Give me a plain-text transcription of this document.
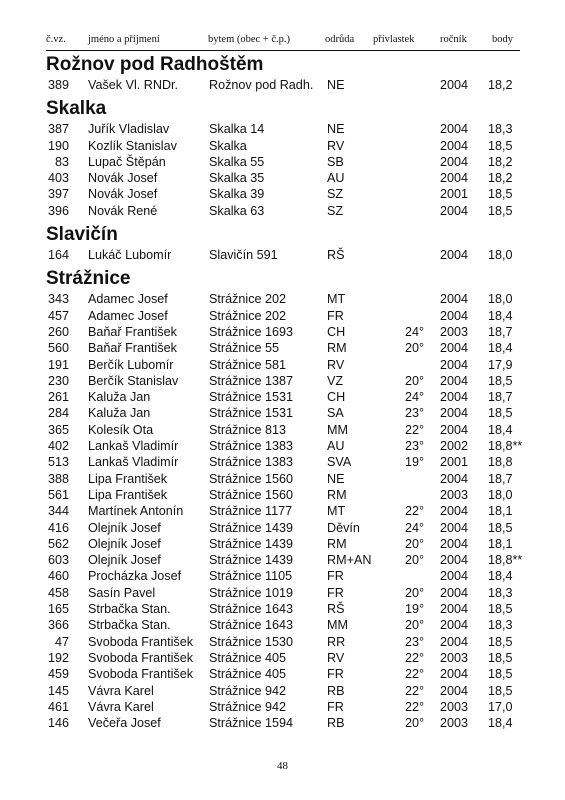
č.vz. jméno a příjmení	bytem (obec + č.p.)	odrůda přívlastek ročník body
Rožnov pod Radhoštěm
389 Vašek Vl. RNDr. Rožnov pod Radh. NE	2004 18,2
Skalka
387 Juřík Vladislav	Skalka 14	NE	2004 18,3
190 Kozlík Stanislav	Skalka	RV	2004 18,5
83 Lupač Štěpán	Skalka 55	SB	2004 18,2
403 Novák Josef	Skalka 35	AU	2004 18,2
397 Novák Josef	Skalka 39	SZ	2001 18,5
396 Novák René	Skalka 63	SZ	2004 18,5
Slavičín
164 Lukáč Lubomír	Slavičín 591	RŠ	2004 18,0
Strážnice
343 Adamec Josef	Strážnice 202	MT	2004 18,0
457 Adamec Josef	Strážnice 202	FR	2004 18,4
260 Baňař František	Strážnice 1693	CH	24°	2003 18,7
560 Baňař František	Strážnice 55	RM	20°	2004 18,4
191 Berčík Lubomír	Strážnice 581	RV	2004 17,9
230 Berčík Stanislav Strážnice 1387	VZ	20°	2004 18,5
261 Kaluža Jan	Strážnice 1531	CH	24°	2004 18,7
284 Kaluža Jan	Strážnice 1531	SA	23°	2004 18,5
365 Kolesík Ota	Strážnice 813	MM	22°	2004 18,4
402 Lankaš Vladimír Strážnice 1383	AU	23°	2002 18,8**
513 Lankaš Vladimír Strážnice 1383	SVA	19°	2001 18,8
388 Lipa František	Strážnice 1560	NE	2004 18,7
561 Lipa František	Strážnice 1560	RM	2003 18,0
344 Martínek Antonín Strážnice 1177	MT	22°	2004 18,1
416 Olejník Josef	Strážnice 1439	Děvín	24°	2004 18,5
562 Olejník Josef	Strážnice 1439	RM	20°	2004 18,1
603 Olejník Josef	Strážnice 1439	RM+AN	20°	2004 18,8**
460 Procházka Josef Strážnice 1105	FR	2004 18,4
458 Sasín Pavel	Strážnice 1019	FR	20°	2004 18,3
165 Strbačka Stan.	Strážnice 1643	RŠ	19°	2004 18,5
366 Strbačka Stan.	Strážnice 1643	MM	20°	2004 18,3
47 Svoboda František Strážnice 1530	RR	23°	2004 18,5
192 Svoboda František Strážnice 405	RV	22°	2003 18,5
459 Svoboda František Strážnice 405	FR	22°	2004 18,5
145 Vávra Karel	Strážnice 942	RB	22°	2004 18,5
461 Vávra Karel	Strážnice 942	FR	22°	2003 17,0
146 Večeřa Josef	Strážnice 1594	RB	20°	2003 18,4
48
